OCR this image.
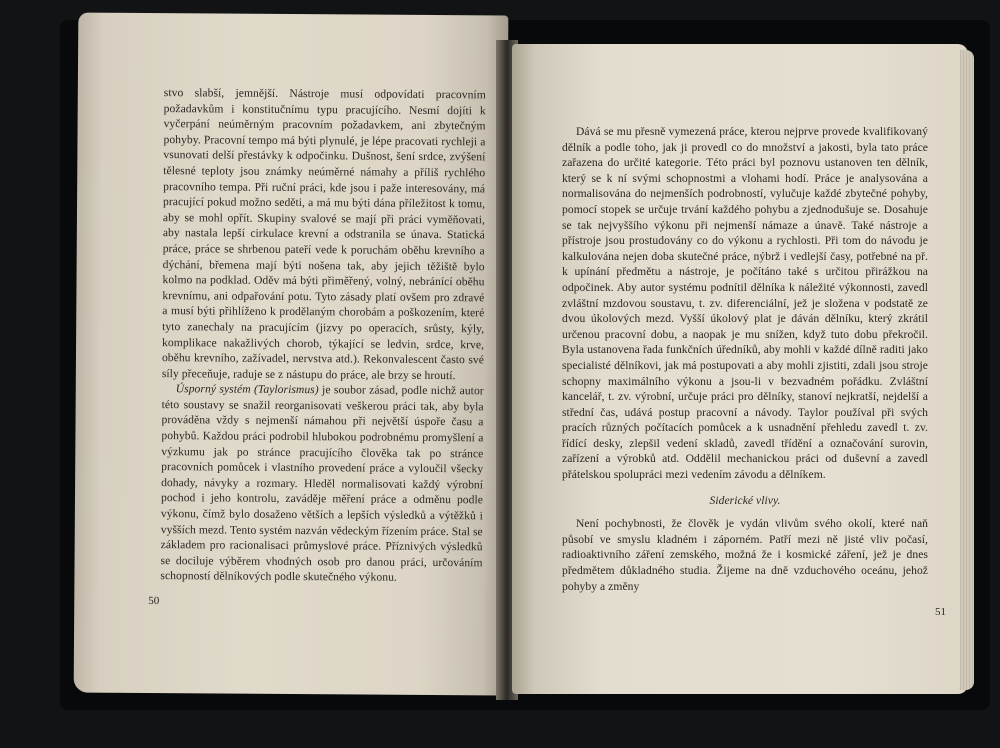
stvo slabší, jemnější. Nástroje musí odpovídati pracovním požadavkům i konstitučnímu typu pracujícího. Nesmí dojíti k vyčerpání neúměrným pracovním požadavkem, ani zbytečným pohyby. Pracovní tempo má býti plynulé, je lépe pracovati rychleji a vsunovati delší přestávky k odpočinku. Dušnost, šení srdce, zvýšení tělesné teploty jsou známky neúměrné námahy a příliš rychlého pracovního tempa. Při ruční práci, kde jsou i paže interesovány, má pracující pokud možno seděti, a má mu býti dána příležitost k tomu, aby se mohl opřít. Skupiny svalové se mají při práci vyměňovati, aby nastala lepší cirkulace krevní a odstranila se únava. Statická práce, práce se shrbenou pateří vede k poruchám oběhu krevního a dýchání, břemena mají býti nošena tak, aby jejich těžiště bylo kolmo na podklad. Oděv má býti přiměřený, volný, nebránící oběhu krevnímu, ani odpařování potu. Tyto zásady platí ovšem pro zdravé a musí býti přihlíženo k prodělaným chorobám a poškozením, které tyto zanechaly na pracujícím (jizvy po operacích, srůsty, kýly, komplikace nakažlivých chorob, týkající se ledvin, srdce, krve, oběhu krevního, zažívadel, nervstva atd.). Rekonvalescent často své síly přeceňuje, raduje se z nástupu do práce, ale brzy se hroutí.

Úsporný systém (Taylorismus) je soubor zásad, podle nichž autor této soustavy se snažil reorganisovati veškerou práci tak, aby byla prováděna vždy s nejmenší námahou při největší úspoře času a pohybů. Každou práci podrobil hlubokou podrobnému promyšlení a výzkumu jak po stránce pracujícího člověka tak po stránce pracovních pomůcek i vlastního provedení práce a vyloučil všecky dohady, návyky a rozmary. Hleděl normalisovati každý výrobní pochod i jeho kontrolu, zaváděje měření práce a odměnu podle výkonu, čímž bylo dosaženo větších a lepších výsledků a výtěžků i vyšších mezd. Tento systém nazván vědeckým řízením práce. Stal se základem pro racionalisaci průmyslové práce. Příznivých výsledků se dociluje výběrem vhodných osob pro danou práci, určováním schopností dělníkových podle skutečného výkonu.

50

Dává se mu přesně vymezená práce, kterou nejprve provede kvalifikovaný dělník a podle toho, jak ji provedl co do množství a jakosti, byla tato práce zařazena do určité kategorie. Této práci byl poznovu ustanoven ten dělník, který se k ní svými schopnostmi a vlohami hodí. Práce je analysována a normalisována do nejmenších podrobností, vylučuje každé zbytečné pohyby, pomocí stopek se určuje trvání každého pohybu a zjednodušuje se. Dosahuje se tak nejvyššího výkonu při nejmenší námaze a únavě. Také nástroje a přístroje jsou prostudovány co do výkonu a rychlosti. Při tom do návodu je kalkulována nejen doba skutečné práce, nýbrž i vedlejší časy, potřebné na př. k upínání předmětu a nástroje, je počítáno také s určitou přirážkou na odpočinek. Aby autor systému podnítil dělníka k náležité výkonnosti, zavedl zvláštní mzdovou soustavu, t. zv. diferenciální, jež je složena v podstatě ze dvou úkolových mezd. Vyšší úkolový plat je dáván dělníku, který zkrátil určenou pracovní dobu, a naopak je mu snížen, když tuto dobu překročil. Byla ustanovena řada funkčních úředníků, aby mohli v každé dílně raditi jako specialisté dělníkovi, jak má postupovati a aby mohli zjistiti, zdali jsou stroje schopny maximálního výkonu a jsou-li v bezvadném pořádku. Zvláštní kancelář, t. zv. výrobní, určuje práci pro dělníky, stanoví nejkratší, nejdelší a střední čas, udává postup pracovní a návody. Taylor používal při svých pracích různých počítacích pomůcek a k usnadnění přehledu zavedl t. zv. řídící desky, zlepšil vedení skladů, zavedl třídění a označování surovin, zařízení a výrobků atd. Oddělil mechanickou práci od duševní a zavedl přátelskou spolupráci mezi vedením závodu a dělníkem.

Siderické vlivy.

Není pochybnosti, že člověk je vydán vlivům svého okolí, které naň působí ve smyslu kladném i záporném. Patří mezi ně jisté vliv počasí, radioaktivního záření zemského, možná že i kosmické záření, jež je dnes předmětem důkladného studia. Žijeme na dně vzduchového oceánu, jehož pohyby a změny

51
